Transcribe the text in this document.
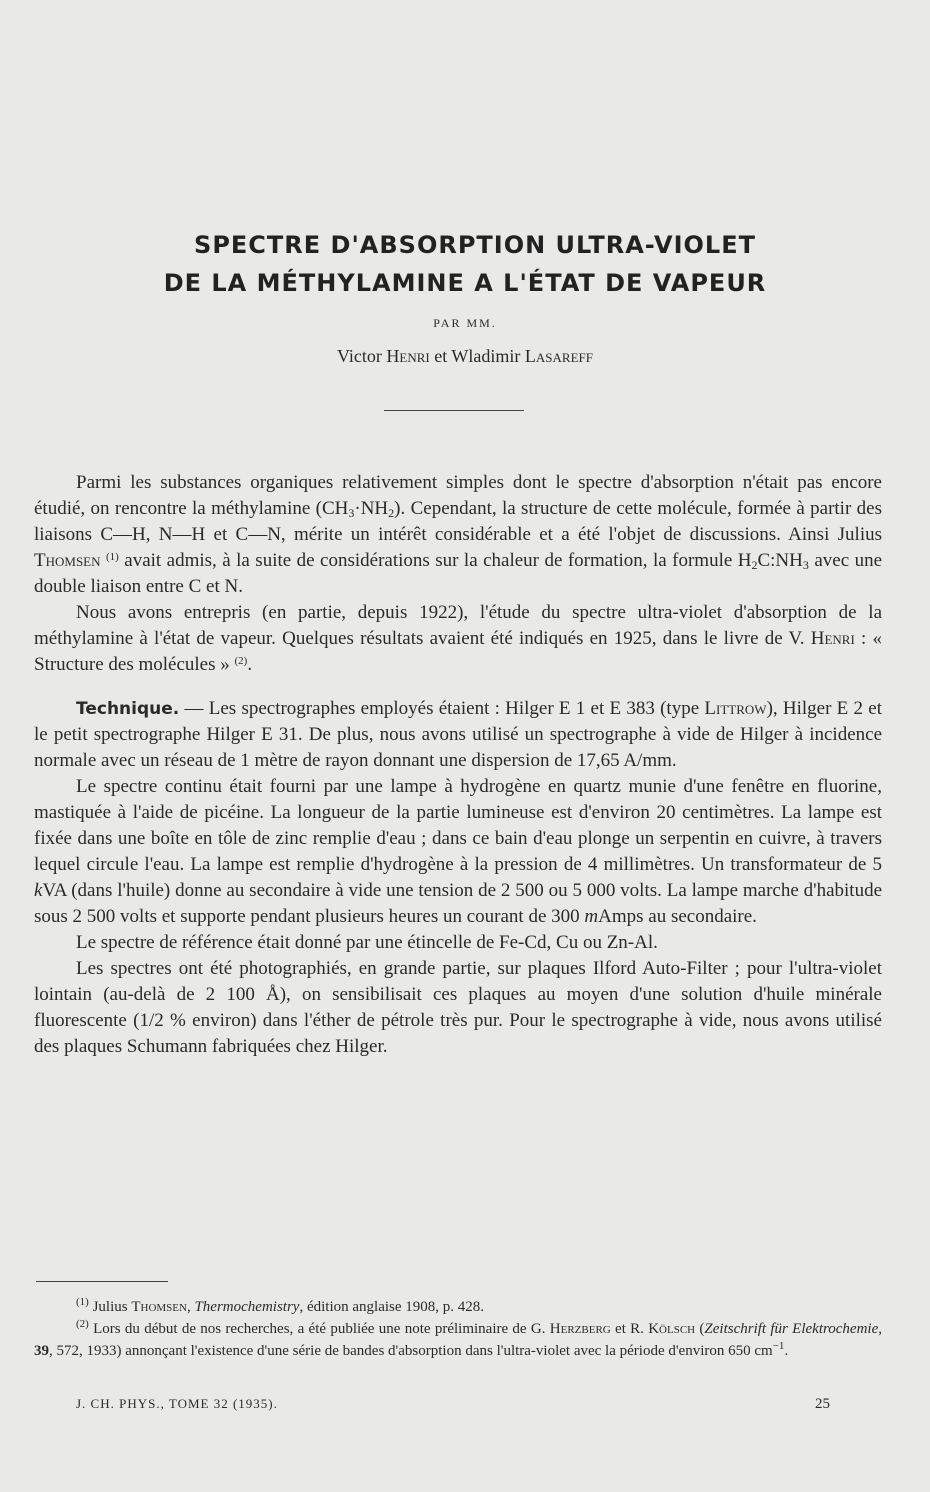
SPECTRE D'ABSORPTION ULTRA-VIOLET
DE LA MÉTHYLAMINE A L'ÉTAT DE VAPEUR
PAR MM.
Victor Henri et Wladimir Lasareff

Parmi les substances organiques relativement simples dont le spectre d'absorption n'était pas encore étudié, on rencontre la méthylamine $(CH_3\cdot NH_2)$. Cependant, la structure de cette molécule, formée à partir des liaisons C—H, N—H et C—N, mérite un intérêt considérable et a été l'objet de discussions. Ainsi Julius Thomsen $^{(1)}$ avait admis, à la suite de considérations sur la chaleur de formation, la formule $H_2C:NH_3$ avec une double liaison entre C et N.

Nous avons entrepris (en partie, depuis 1922), l'étude du spectre ultra-violet d'absorption de la méthylamine à l'état de vapeur. Quelques résultats avaient été indiqués en 1925, dans le livre de V. Henri : « Structure des molécules » $^{(2)}$.

Technique. — Les spectrographes employés étaient : Hilger E 1 et E 383 (type Littrow), Hilger E 2 et le petit spectrographe Hilger E 31. De plus, nous avons utilisé un spectrographe à vide de Hilger à incidence normale avec un réseau de 1 mètre de rayon donnant une dispersion de 17,65 A/mm.

Le spectre continu était fourni par une lampe à hydrogène en quartz munie d'une fenêtre en fluorine, mastiquée à l'aide de picéine. La longueur de la partie lumineuse est d'environ 20 centimètres. La lampe est fixée dans une boîte en tôle de zinc remplie d'eau ; dans ce bain d'eau plonge un serpentin en cuivre, à travers lequel circule l'eau. La lampe est remplie d'hydrogène à la pression de 4 millimètres. Un transformateur de 5 kVA (dans l'huile) donne au secondaire à vide une tension de 2 500 ou 5 000 volts. La lampe marche d'habitude sous 2 500 volts et supporte pendant plusieurs heures un courant de 300 mAmps au secondaire.

Le spectre de référence était donné par une étincelle de Fe-Cd, Cu ou Zn-Al.

Les spectres ont été photographiés, en grande partie, sur plaques Ilford Auto-Filter ; pour l'ultra-violet lointain (au-delà de 2 100 Å), on sensibilisait ces plaques au moyen d'une solution d'huile minérale fluorescente (1/2 % environ) dans l'éther de pétrole très pur. Pour le spectrographe à vide, nous avons utilisé des plaques Schumann fabriquées chez Hilger.

$^{(1)}$ Julius Thomsen, Thermochemistry, édition anglaise 1908, p. 428.

$^{(2)}$ Lors du début de nos recherches, a été publiée une note préliminaire de G. Herzberg et R. Kölsch (Zeitschrift für Elektrochemie, 39, 572, 1933) annonçant l'existence d'une série de bandes d'absorption dans l'ultra-violet avec la période d'environ 650 $cm^{-1}$.

J. CH. PHYS., TOME 32 (1935).	25
